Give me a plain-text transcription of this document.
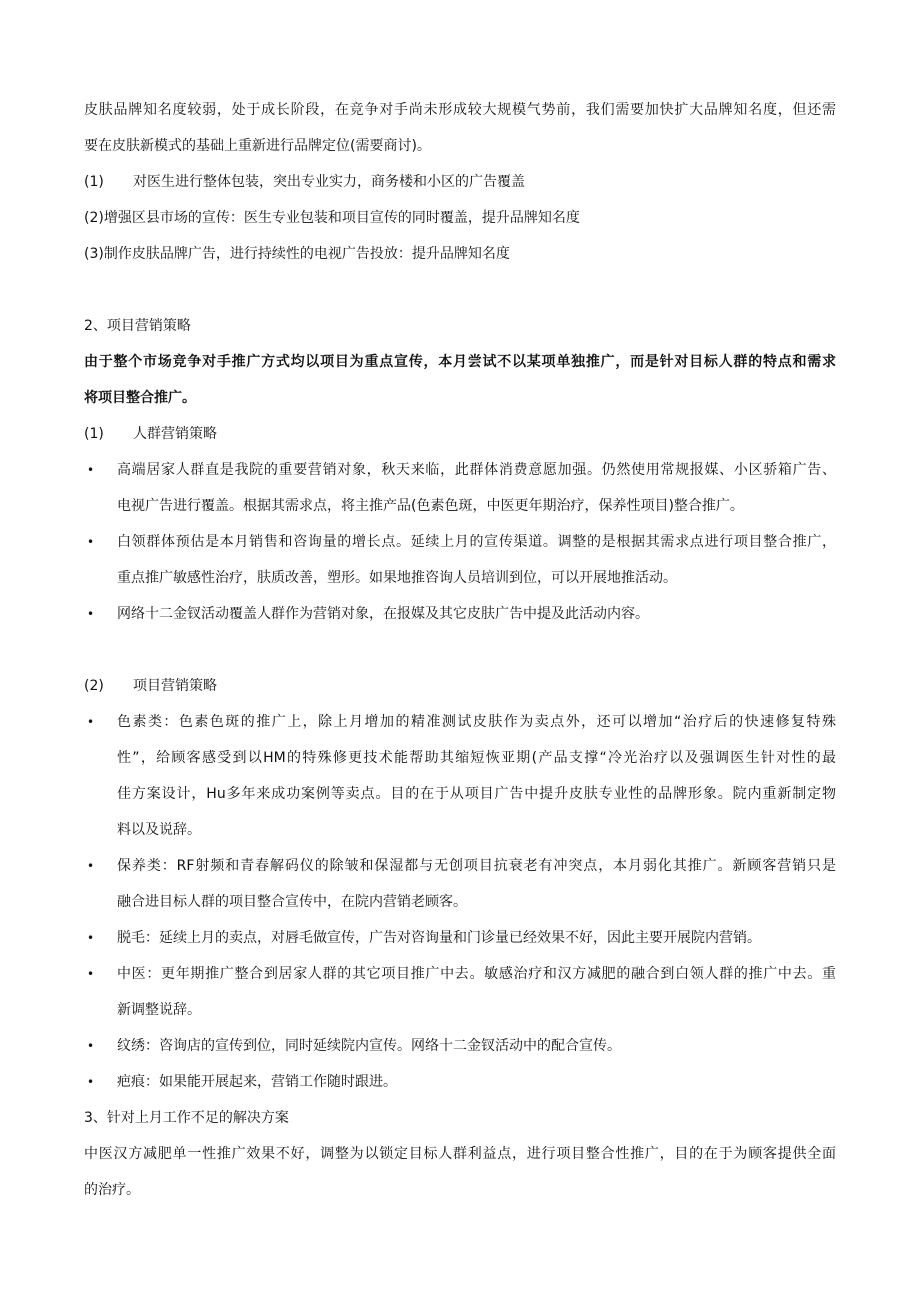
皮肤品牌知名度较弱，处于成长阶段，在竞争对手尚未形成较大规模气势前，我们需要加快扩大品牌知名度，但还需

要在皮肤新模式的基础上重新进行品牌定位(需要商讨)。

(1) 对医生进行整体包装，突出专业实力，商务楼和小区的广告覆盖

(2)增强区县市场的宣传：医生专业包装和项目宣传的同时覆盖，提升品牌知名度

(3)制作皮肤品牌广告，进行持续性的电视广告投放：提升品牌知名度

2、项目营销策略

由于整个市场竞争对手推广方式均以项目为重点宣传，本月尝试不以某项单独推广，而是针对目标人群的特点和需求

将项目整合推广。

(1) 人群营销策略

• 高端居家人群直是我院的重要营销对象，秋天来临，此群体消费意愿加强。仍然使用常规报媒、小区骄箱广告、

电视广告进行覆盖。根据其需求点，将主推产品(色素色斑，中医更年期治疗，保养性项目)整合推广。

• 白领群体预估是本月销售和咨询量的增长点。延续上月的宣传渠道。调整的是根据其需求点进行项目整合推广，

重点推广敏感性治疗，肤质改善，塑形。如果地推咨询人员培训到位，可以开展地推活动。

• 网络十二金钗活动覆盖人群作为营销对象，在报媒及其它皮肤广告中提及此活动内容。

(2) 项目营销策略

• 色素类：色素色斑的推广上，除上月增加的精准测试皮肤作为卖点外，还可以增加“治疗后的快速修复特殊

性”，给顾客感受到以HM的特殊修更技术能帮助其缩短恢亚期(产品支撑“冷光治疗以及强调医生针对性的最

佳方案设计，Hu多年来成功案例等卖点。目的在于从项目广告中提升皮肤专业性的品牌形象。院内重新制定物

料以及说辞。

• 保养类：RF射频和青春解码仪的除皱和保湿都与无创项目抗衰老有冲突点，本月弱化其推广。新顾客营销只是

融合进目标人群的项目整合宣传中，在院内营销老顾客。

• 脱毛：延续上月的卖点，对唇毛做宣传，广告对咨询量和门诊量已经效果不好，因此主要开展院内营销。

• 中医：更年期推广整合到居家人群的其它项目推广中去。敏感治疗和汉方减肥的融合到白领人群的推广中去。重

新调整说辞。

• 纹绣：咨询店的宣传到位，同时延续院内宣传。网络十二金钗活动中的配合宣传。

• 疤痕：如果能开展起来，营销工作随时跟进。

3、针对上月工作不足的解决方案

中医汉方减肥单一性推广效果不好，调整为以锁定目标人群利益点，进行项目整合性推广，目的在于为顾客提供全面

的治疗。
